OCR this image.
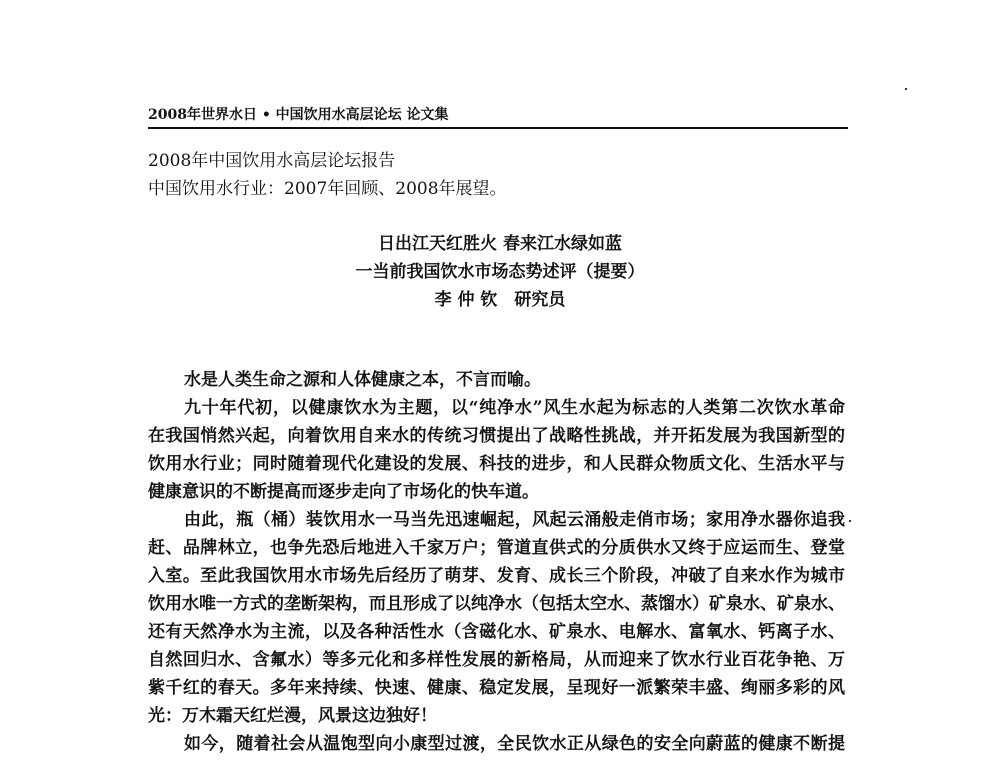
2008年世界水日 • 中国饮用水高层论坛 论文集
2008年中国饮用水高层论坛报告
中国饮用水行业：2007年回顾、2008年展望。
日出江天红胜火 春来江水绿如蓝
一当前我国饮水市场态势述评（提要）
李 仲 钦　研究员
水是人类生命之源和人体健康之本，不言而喻。
九十年代初，以健康饮水为主题，以“纯净水”风生水起为标志的人类第二次饮水革命
在我国悄然兴起，向着饮用自来水的传统习惯提出了战略性挑战，并开拓发展为我国新型的
饮用水行业；同时随着现代化建设的发展、科技的进步，和人民群众物质文化、生活水平与
健康意识的不断提高而逐步走向了市场化的快车道。
由此，瓶（桶）装饮用水一马当先迅速崛起，风起云涌般走俏市场；家用净水器你追我
赶、品牌林立，也争先恐后地进入千家万户；管道直供式的分质供水又终于应运而生、登堂
入室。至此我国饮用水市场先后经历了萌芽、发育、成长三个阶段，冲破了自来水作为城市
饮用水唯一方式的垄断架构，而且形成了以纯净水（包括太空水、蒸馏水）矿泉水、矿泉水、
还有天然净水为主流，以及各种活性水（含磁化水、矿泉水、电解水、富氧水、钙离子水、
自然回归水、含氟水）等多元化和多样性发展的新格局，从而迎来了饮水行业百花争艳、万
紫千红的春天。多年来持续、快速、健康、稳定发展，呈现好一派繁荣丰盛、绚丽多彩的风
光：万木霜天红烂漫，风景这边独好！
如今，随着社会从温饱型向小康型过渡，全民饮水正从绿色的安全向蔚蓝的健康不断提
